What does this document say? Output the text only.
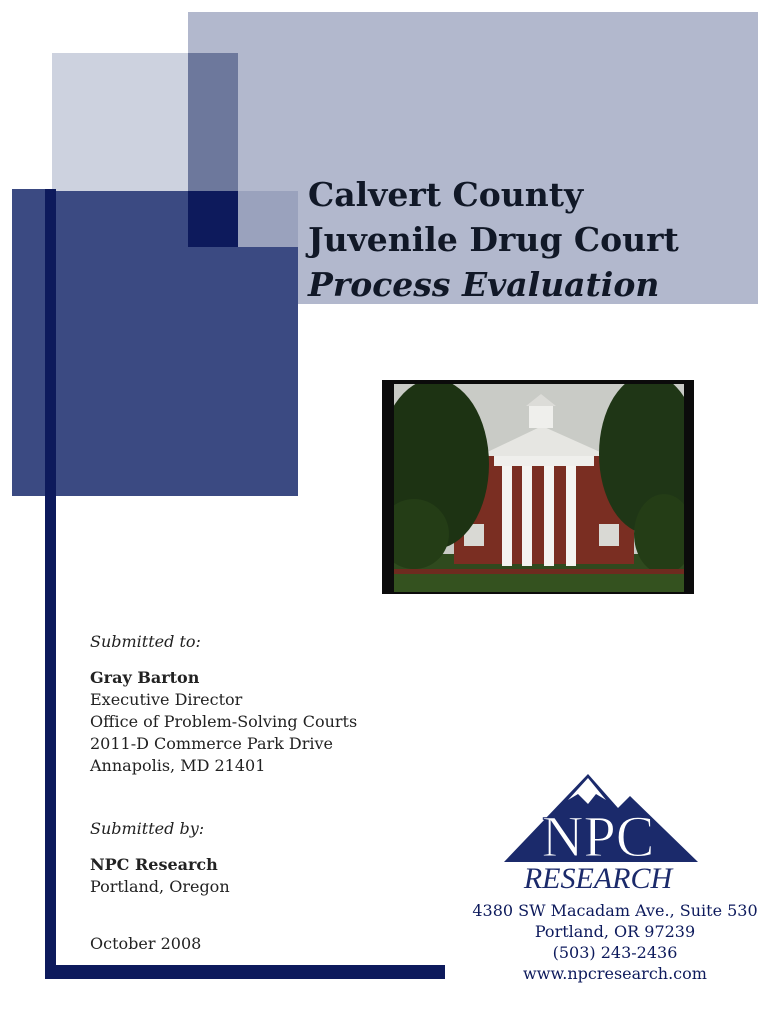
Calvert County
Juvenile Drug Court
Process Evaluation
Submitted to:
Gray Barton
Executive Director
Office of Problem-Solving Courts
2011-D Commerce Park Drive
Annapolis, MD 21401
Submitted by:
NPC Research
Portland, Oregon
October 2008
NPC
RESEARCH
4380 SW Macadam Ave., Suite 530
Portland, OR 97239
(503) 243-2436
www.npcresearch.com
